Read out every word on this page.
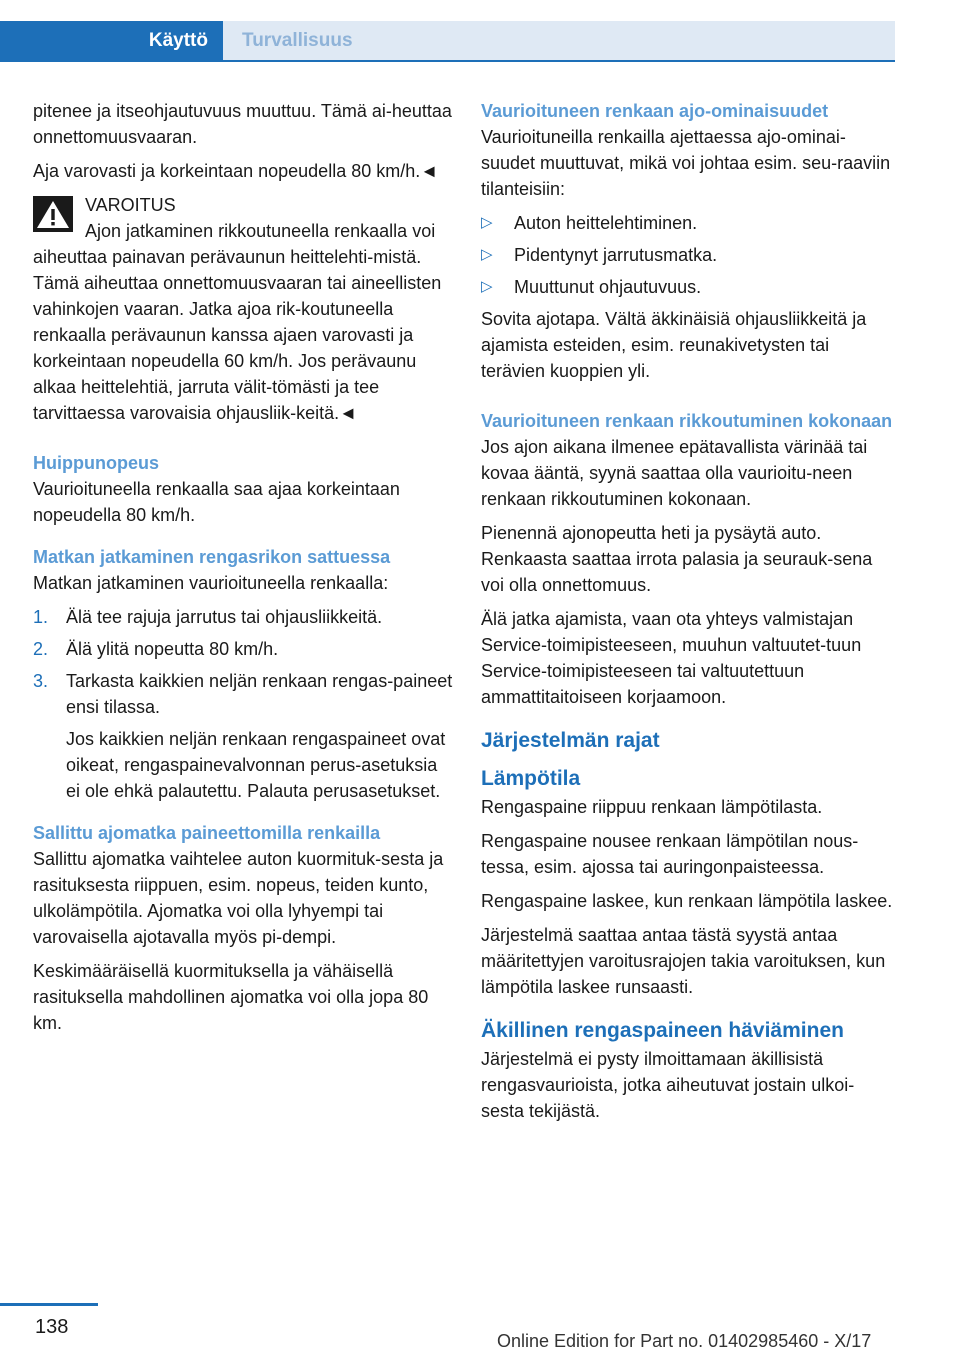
Käyttö	Turvallisuus

pitenee ja itseohjautuvuus muuttuu. Tämä ai‐heuttaa onnettomuusvaaran.

Aja varovasti ja korkeintaan nopeudella 80 km/h.◄

VAROITUS

Ajon jatkaminen rikkoutuneella renkaalla voi aiheuttaa painavan perävaunun heittelehti‐mistä. Tämä aiheuttaa onnettomuusvaaran tai aineellisten vahinkojen vaaran. Jatka ajoa rik‐koutuneella renkaalla perävaunun kanssa ajaen varovasti ja korkeintaan nopeudella 60 km/h. Jos perävaunu alkaa heittelehtiä, jarruta välit‐tömästi ja tee tarvittaessa varovaisia ohjausliik‐keitä.◄

Huippunopeus

Vaurioituneella renkaalla saa ajaa korkeintaan nopeudella 80 km/h.

Matkan jatkaminen rengasrikon sattuessa

Matkan jatkaminen vaurioituneella renkaalla:

1. Älä tee rajuja jarrutus tai ohjausliikkeitä.
2. Älä ylitä nopeutta 80 km/h.
3. Tarkasta kaikkien neljän renkaan rengas‐paineet ensi tilassa.

Jos kaikkien neljän renkaan rengaspaineet ovat oikeat, rengaspainevalvonnan perus‐asetuksia ei ole ehkä palautettu. Palauta perusasetukset.

Sallittu ajomatka paineettomilla renkailla

Sallittu ajomatka vaihtelee auton kuormituk‐sesta ja rasituksesta riippuen, esim. nopeus, teiden kunto, ulkolämpötila. Ajomatka voi olla lyhyempi tai varovaisella ajotavalla myös pi‐dempi.

Keskimääräisellä kuormituksella ja vähäisellä rasituksella mahdollinen ajomatka voi olla jopa 80 km.

Vaurioituneen renkaan ajo-ominaisuudet

Vaurioituneilla renkailla ajettaessa ajo-ominai‐suudet muuttuvat, mikä voi johtaa esim. seu‐raaviin tilanteisiin:

▷ Auton heittelehtiminen.
▷ Pidentynyt jarrutusmatka.
▷ Muuttunut ohjautuvuus.

Sovita ajotapa. Vältä äkkinäisiä ohjausliikkeitä ja ajamista esteiden, esim. reunakivetysten tai terävien kuoppien yli.

Vaurioituneen renkaan rikkoutuminen kokonaan

Jos ajon aikana ilmenee epätavallista värinää tai kovaa ääntä, syynä saattaa olla vaurioitu‐neen renkaan rikkoutuminen kokonaan.

Pienennä ajonopeutta heti ja pysäytä auto. Renkaasta saattaa irrota palasia ja seurauk‐sena voi olla onnettomuus.

Älä jatka ajamista, vaan ota yhteys valmistajan Service-toimipisteeseen, muuhun valtuutet‐tuun Service-toimipisteeseen tai valtuutettuun ammattitaitoiseen korjaamoon.

Järjestelmän rajat
Lämpötila

Rengaspaine riippuu renkaan lämpötilasta.

Rengaspaine nousee renkaan lämpötilan nous‐tessa, esim. ajossa tai auringonpaisteessa.

Rengaspaine laskee, kun renkaan lämpötila laskee.

Järjestelmä saattaa antaa tästä syystä antaa määritettyjen varoitusrajojen takia varoituksen, kun lämpötila laskee runsaasti.

Äkillinen rengaspaineen häviäminen

Järjestelmä ei pysty ilmoittamaan äkillisistä rengasvaurioista, jotka aiheutuvat jostain ulkoi‐sesta tekijästä.

138
Online Edition for Part no. 01402985460 - X/17
